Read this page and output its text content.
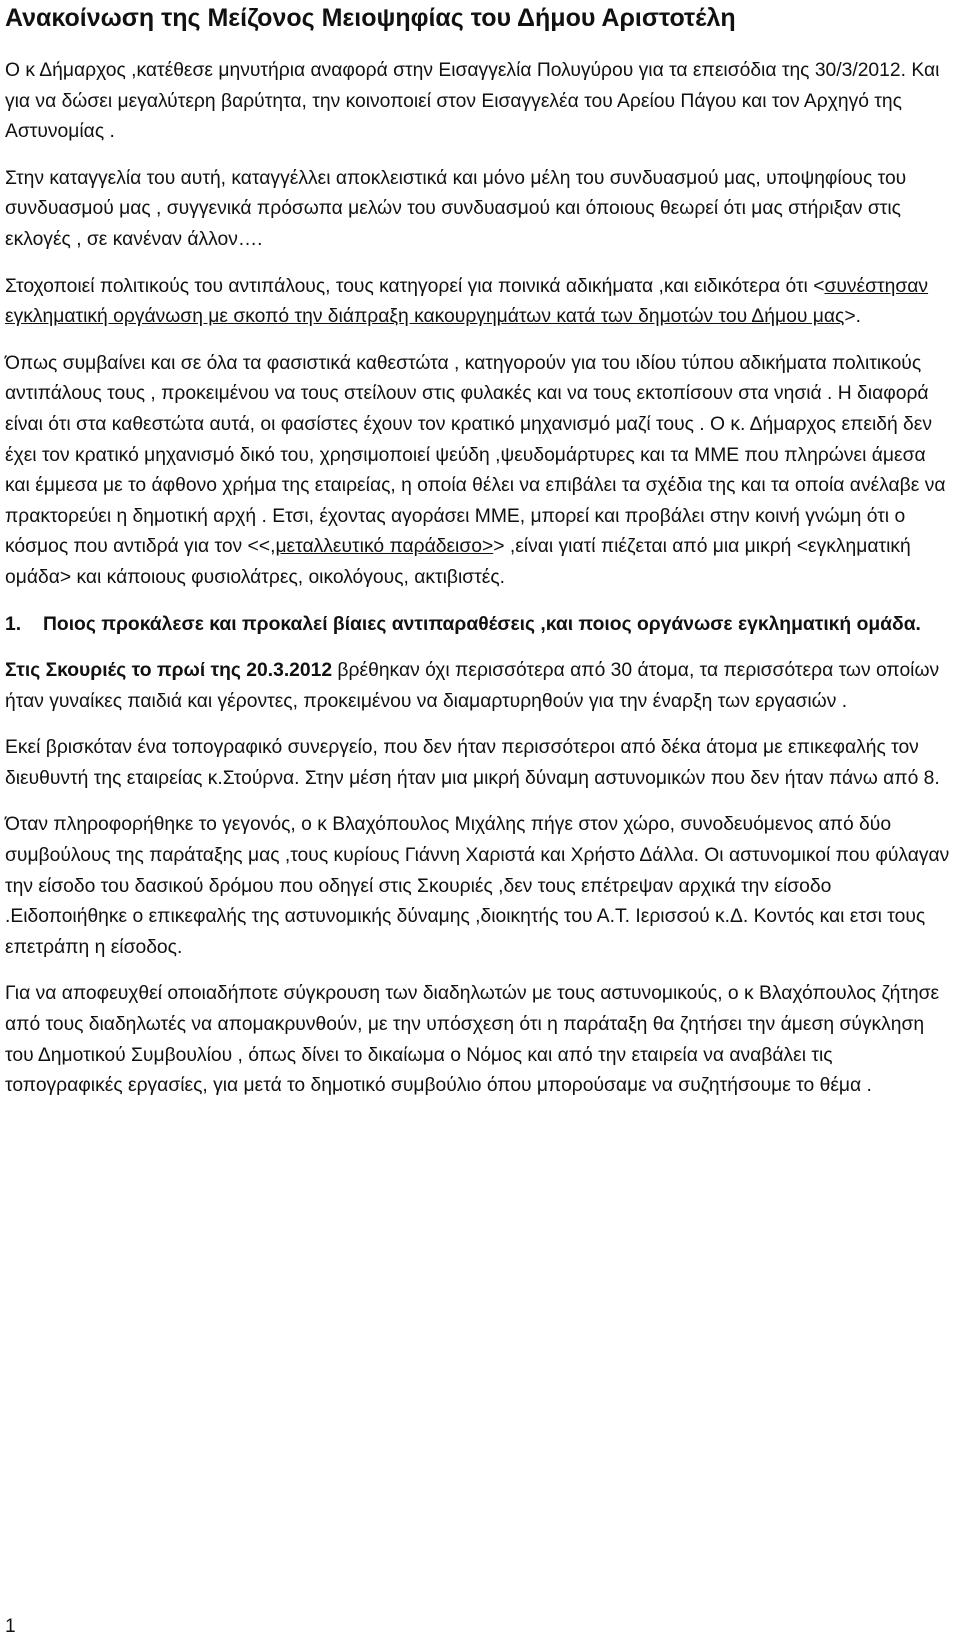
Ανακοίνωση της Μείζονος Μειοψηφίας του Δήμου Αριστοτέλη

Ο κ Δήμαρχος ,κατέθεσε μηνυτήρια αναφορά στην Εισαγγελία Πολυγύρου για τα επεισόδια της 30/3/2012. Και για να δώσει μεγαλύτερη βαρύτητα, την κοινοποιεί στον Εισαγγελέα του Αρείου Πάγου και τον Αρχηγό της Αστυνομίας .

Στην καταγγελία του αυτή, καταγγέλλει αποκλειστικά και μόνο μέλη του συνδυασμού μας, υποψηφίους του συνδυασμού μας , συγγενικά πρόσωπα μελών του συνδυασμού και όποιους θεωρεί ότι μας στήριξαν στις εκλογές , σε κανέναν άλλον….

Στοχοποιεί πολιτικούς του αντιπάλους, τους κατηγορεί για ποινικά αδικήματα ,και ειδικότερα ότι <συνέστησαν εγκληματική οργάνωση με σκοπό την διάπραξη κακουργημάτων κατά των δημοτών του Δήμου μας>.

Όπως συμβαίνει και σε όλα τα φασιστικά καθεστώτα , κατηγορούν για του ιδίου τύπου αδικήματα πολιτικούς αντιπάλους τους , προκειμένου να τους στείλουν στις φυλακές και να τους εκτοπίσουν στα νησιά . Η διαφορά είναι ότι στα καθεστώτα αυτά, οι φασίστες έχουν τον κρατικό μηχανισμό μαζί τους . Ο κ. Δήμαρχος επειδή δεν έχει τον κρατικό μηχανισμό δικό του, χρησιμοποιεί ψεύδη ,ψευδομάρτυρες και τα ΜΜΕ που πληρώνει άμεσα και έμμεσα με το άφθονο χρήμα της εταιρείας, η οποία θέλει να επιβάλει τα σχέδια της και τα οποία ανέλαβε να πρακτορεύει η δημοτική αρχή . Ετσι, έχοντας αγοράσει ΜΜΕ, μπορεί και προβάλει στην κοινή γνώμη ότι ο κόσμος που αντιδρά για τον <<,μεταλλευτικό παράδεισο>> ,είναι γιατί πιέζεται από μια μικρή <εγκληματική ομάδα> και κάποιους φυσιολάτρες, οικολόγους, ακτιβιστές.

1.	Ποιος προκάλεσε και προκαλεί βίαιες αντιπαραθέσεις ,και ποιος οργάνωσε εγκληματική ομάδα.

Στις Σκουριές το πρωί της 20.3.2012 βρέθηκαν όχι περισσότερα από 30 άτομα, τα περισσότερα των οποίων ήταν γυναίκες παιδιά και γέροντες, προκειμένου να διαμαρτυρηθούν για την έναρξη των εργασιών .

Εκεί βρισκόταν ένα τοπογραφικό συνεργείο, που δεν ήταν περισσότεροι από δέκα άτομα με επικεφαλής τον διευθυντή της εταιρείας κ.Στούρνα. Στην μέση ήταν μια μικρή δύναμη αστυνομικών που δεν ήταν πάνω από 8.

Όταν πληροφορήθηκε το γεγονός, ο κ Βλαχόπουλος Μιχάλης πήγε στον χώρο, συνοδευόμενος από δύο συμβούλους της παράταξης μας ,τους κυρίους Γιάννη Χαριστά και Χρήστο Δάλλα. Οι αστυνομικοί που φύλαγαν την είσοδο του δασικού δρόμου που οδηγεί στις Σκουριές ,δεν τους επέτρεψαν αρχικά την είσοδο .Ειδοποιήθηκε ο επικεφαλής της αστυνομικής δύναμης ,διοικητής του Α.Τ. Ιερισσού κ.Δ. Κοντός και ετσι τους επετράπη η είσοδος.

Για να αποφευχθεί οποιαδήποτε σύγκρουση των διαδηλωτών με τους αστυνομικούς, ο κ Βλαχόπουλος ζήτησε από τους διαδηλωτές να απομακρυνθούν, με την υπόσχεση ότι η παράταξη θα ζητήσει την άμεση σύγκληση του Δημοτικού Συμβουλίου , όπως δίνει το δικαίωμα ο Νόμος και από την εταιρεία να αναβάλει τις τοπογραφικές εργασίες, για μετά το δημοτικό συμβούλιο όπου μπορούσαμε να συζητήσουμε το θέμα .

1
